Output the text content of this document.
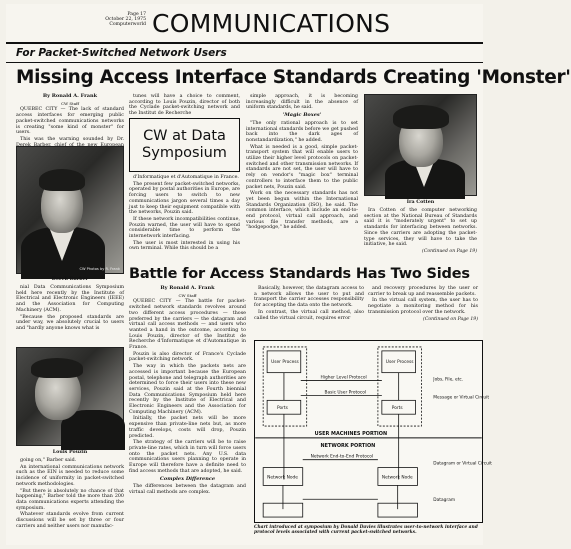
Page 17
October 22, 1975
Computerworld COMMUNICATIONS
For Packet-Switched Network Users
Missing Access Interface Standards Creating 'Monster'
By Ronald A. Frank
CW Staff

QUEBEC CITY — The lack of standard access interfaces for emerging public packet-switched communications networks is creating "some kind of monster" for users.

This was the warning sounded by Dr.

CW Photos by R. Frank
Derek Barber

nial Data Communications Symposium held here recently by the Institute of Electrical and Electronic Engineers (IEEE) and the Association for Computing Machinery (ACM).

"Because the proposed standards are under way, we absolutely crucial to users and "hardly anyone knows what is

Louis Pouzin

going on," Barber said.

An international communications network such as the EIN is needed to reduce some incidence of uniformity in packet-switched network methodologies.

"But there is absolutely no chance of that happening," Barber told the more than 200 data communications experts attending the symposium.

Whatever standards evolve from current discussions will be set by three or four carriers and neither users nor manufac-

tunes will have a choice to comment, according to Louis Pouzin, director of both the Cyclade packet-switching network and the Institut de Recherche

CW at Data
Symposium

d'Informatique et d'Automatique in France.

The present few packet-switched networks, operated by postal authorities in Europe, are forcing users to switch to new communications jargon several times a day just to keep their equipment compatible with the networks, Pouzin said.

If these network incompatibilities continue, Pouzin warned, the user will have to spend considerable time to perform the internetwork interfacing.

The user is most interested in using his own terminal. While this should be a

simple approach, it is becoming increasingly difficult in the absence of uniform standards, he said.

'Magic Boxes'

"The only rational approach is to set international standards before we get pushed back into the dark ages of nonstandardization," he added.

What is needed is a good, simple packet-transport system that will enable users to utilize their higher level protocols on packet-switched and other transmission networks. If standards are not set, the user will have to rely on vendor's "magic box" terminal controllers to interface them to the public packet nets, Pouzin said.

Work on the necessary standards has not yet been begun within the International Standards Organization (ISO), he said. The common interface, which include an end-to-end protocol, virtual call approach, and various file transfer methods, are a "hodgepodge," he added.

Ira Cotten

Ira Cotten of the computer networking section at the National Bureau of Standards said it is "moderately urgent" to set up standards for interfacing between networks. Since the carriers are adopting the packet-type services, they will have to take the initiative, he said.

(Continued on Page 19)
Battle for Access Standards Has Two Sides
By Ronald A. Frank
CW Staff

QUEBEC CITY — The battle for packet-switched network standards revolves around two different access procedures — those preferred by the carriers — the datagram and virtual call access methods — and users who wanted a hand in the outcome, according to Louis Pouzin, director of the Institut de Recherche d'Informatique et d'Automatique in France.

Pouzin is also director of France's Cyclade packet-switching network.

The way in which the packets nets are accessed is important because the European postal, telephone and telegraph authorities are determined to force their users into these new services, Pouzin said at the Fourth biennial Data Communications Symposium held here recently by the Institute of Electrical and Electronic Engineers and the Association for Computing Machinery (ACM).

Initially, the packet nets will be more expensive than private-line nets but, as more traffic develops, costs will drop, Pouzin predicted.

The strategy of the carriers will be to raise private-line rates, which in turn will force users onto the packet nets. Any U.S. data communications users planning to operate in Europe will therefore have a definite need to find access methods that are adopted, he said.

Complex Difference

The differences between the datagram and virtual call methods are complex.

Basically, however, the datagram access to a network allows the user to put and transport the carrier accesses responsibility for accepting the data onto the network.

In contrast, the virtual call method, also called the virtual circuit, requires error

and recovery procedures by the user or carrier to break up and reassemble packets.

In the virtual call system, the user has to negotiate a monitoring method for his transmission protocol over the network.

(Continued on Page 19)
User Process	User Process
Higher Level Protocol
Basic User Protocol
Ports	Ports
Jobs, File, etc.
Message or Virtual Circuit
USER MACHINES PORTION
NETWORK PORTION
Network End-to-End Protocol
Network Node	Network Node
Datagram or Virtual Circuit
Datagram
Chart introduced at symposium by Donald Davies illustrates user-to-network interface and protocol levels associated with current packet-switched networks.
